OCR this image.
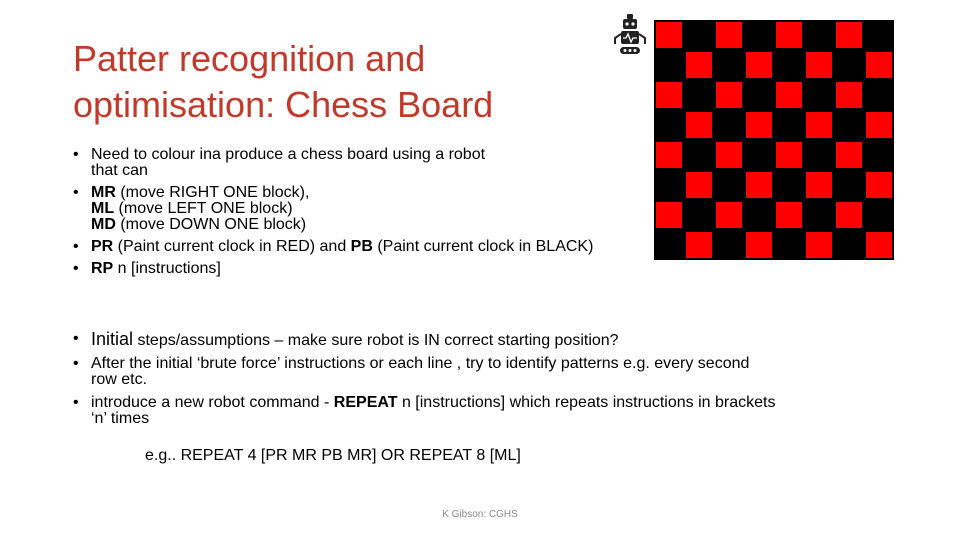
Patter recognition and
optimisation: Chess Board
• Need to colour ina produce a chess board using a robot
that can
• MR (move RIGHT ONE block),
ML (move LEFT ONE block)
MD (move DOWN ONE block)
• PR (Paint current clock in RED) and PB (Paint current clock in BLACK)
• RP n [instructions]
• Initial steps/assumptions – make sure robot is IN correct starting position?
• After the initial ‘brute force’ instructions or each line , try to identify patterns e.g. every second
row etc.
• introduce a new robot command - REPEAT n [instructions] which repeats instructions in brackets
‘n’ times
e.g.. REPEAT 4 [PR MR PB MR] OR REPEAT 8 [ML]
K Gibson: CGHS
